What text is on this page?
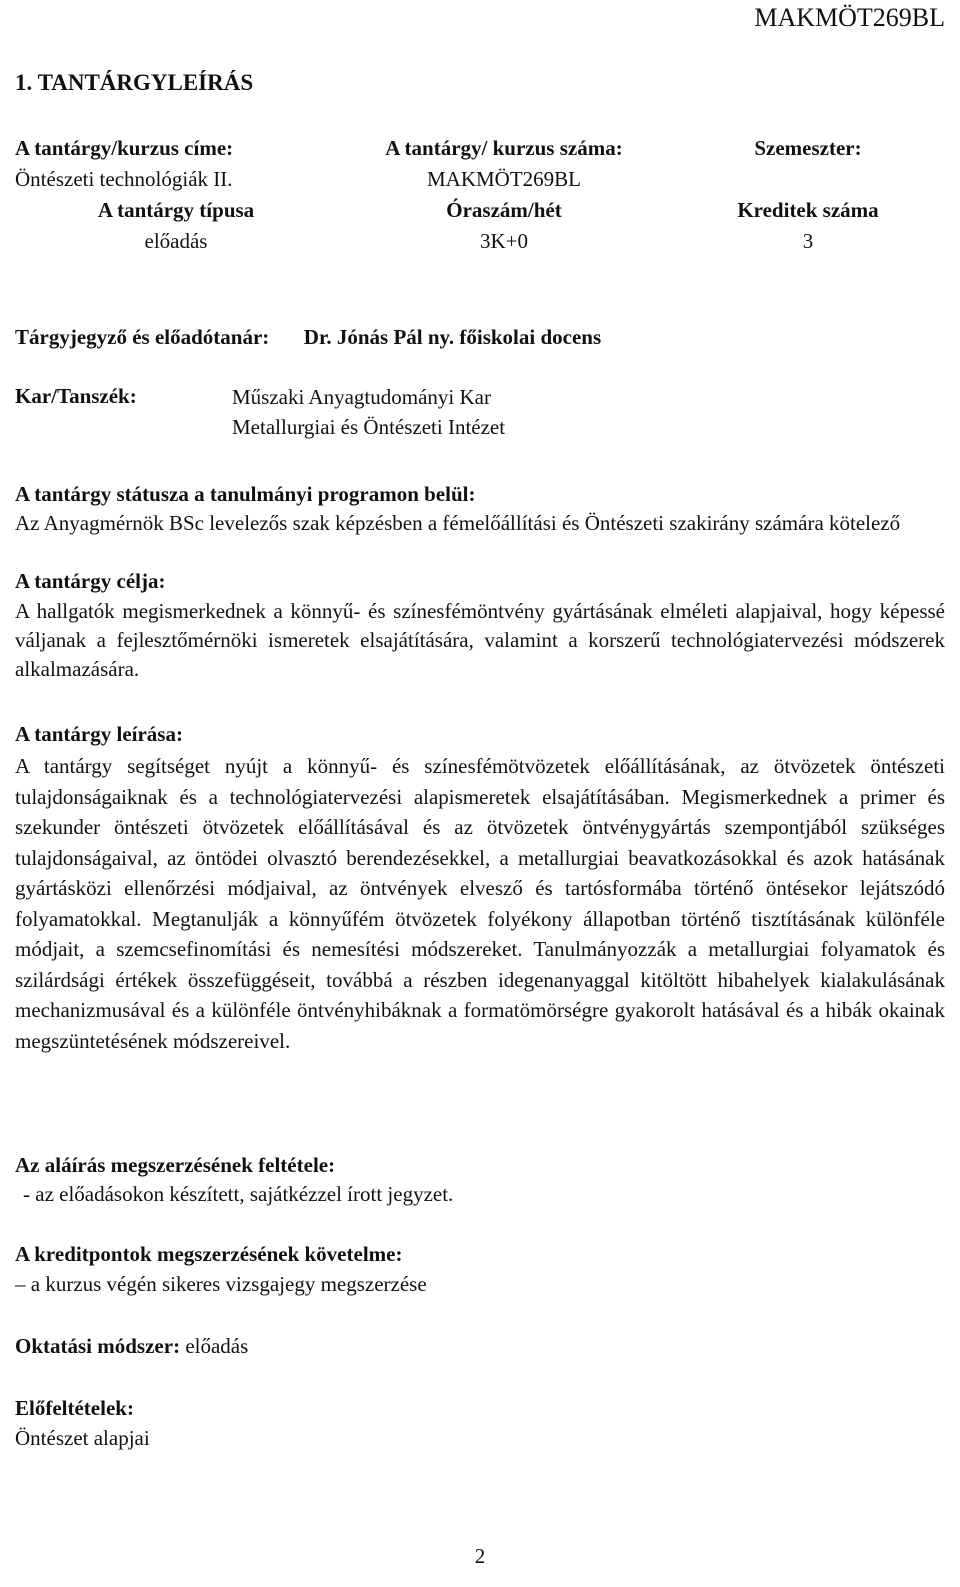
MAKMÖT269BL
1. TANTÁRGYLEÍRÁS
A tantárgy/kurzus címe:	A tantárgy/ kurzus száma:	Szemeszter:
Öntészeti technológiák II.	MAKMÖT269BL	
A tantárgy típusa	Óraszám/hét	Kreditek száma
előadás	3K+0	3
Tárgyjegyző és előadótanár: Dr. Jónás Pál ny. főiskolai docens
Kar/Tanszék:	Műszaki Anyagtudományi Kar
Metallurgiai és Öntészeti Intézet
A tantárgy státusza a tanulmányi programon belül:
Az Anyagmérnök BSc levelezős szak képzésben a fémelőállítási és Öntészeti szakirány számára kötelező
A tantárgy célja:
A hallgatók megismerkednek a könnyű- és színesfémöntvény gyártásának elméleti alapjaival, hogy képessé váljanak a fejlesztőmérnöki ismeretek elsajátítására, valamint a korszerű technológiatervezési módszerek alkalmazására.
A tantárgy leírása:
A tantárgy segítséget nyújt a könnyű- és színesfémötvözetek előállításának, az ötvözetek öntészeti tulajdonságaiknak és a technológiatervezési alapismeretek elsajátításában. Megismerkednek a primer és szekunder öntészeti ötvözetek előállításával és az ötvözetek öntvénygyártás szempontjából szükséges tulajdonságaival, az öntödei olvasztó berendezésekkel, a metallurgiai beavatkozásokkal és azok hatásának gyártásközi ellenőrzési módjaival, az öntvények elvesző és tartósformába történő öntésekor lejátszódó folyamatokkal. Megtanulják a könnyűfém ötvözetek folyékony állapotban történő tisztításának különféle módjait, a szemcsefinomítási és nemesítési módszereket. Tanulmányozzák a metallurgiai folyamatok és szilárdsági értékek összefüggéseit, továbbá a részben idegenanyaggal kitöltött hibahelyek kialakulásának mechanizmusával és a különféle öntvényhibáknak a formatömörségre gyakorolt hatásával és a hibák okainak megszüntetésének módszereivel.
Az aláírás megszerzésének feltétele:
- az előadásokon készített, sajátkézzel írott jegyzet.
A kreditpontok megszerzésének követelme:
– a kurzus végén sikeres vizsgajegy megszerzése
Oktatási módszer: előadás
Előfeltételek:
Öntészet alapjai
2
